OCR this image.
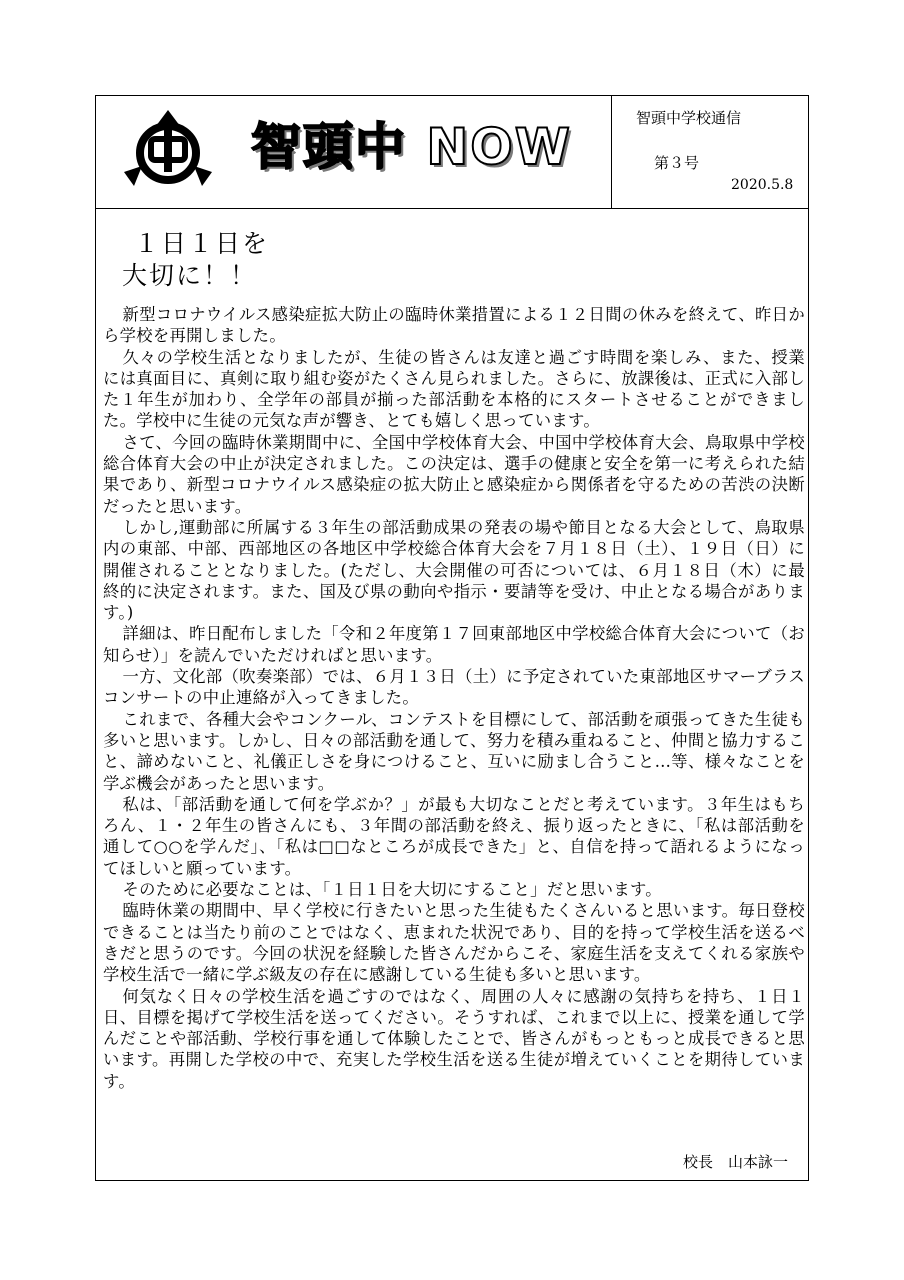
智頭中 NOW	智頭中学校通信
第３号
2020.5.8
１日１日を
大切に！！

新型コロナウイルス感染症拡大防止の臨時休業措置による１２日間の休みを終えて、昨日から学校を再開しました。

久々の学校生活となりましたが、生徒の皆さんは友達と過ごす時間を楽しみ、また、授業には真面目に、真剣に取り組む姿がたくさん見られました。さらに、放課後は、正式に入部した１年生が加わり、全学年の部員が揃った部活動を本格的にスタートさせることができました。学校中に生徒の元気な声が響き、とても嬉しく思っています。

さて、今回の臨時休業期間中に、全国中学校体育大会、中国中学校体育大会、鳥取県中学校総合体育大会の中止が決定されました。この決定は、選手の健康と安全を第一に考えられた結果であり、新型コロナウイルス感染症の拡大防止と感染症から関係者を守るための苦渋の決断だったと思います。

しかし,運動部に所属する３年生の部活動成果の発表の場や節目となる大会として、鳥取県内の東部、中部、西部地区の各地区中学校総合体育大会を７月１８日（土）、１９日（日）に開催されることとなりました。(ただし、大会開催の可否については、６月１８日（木）に最終的に決定されます。また、国及び県の動向や指示・要請等を受け、中止となる場合があります。)

詳細は、昨日配布しました「令和２年度第１７回東部地区中学校総合体育大会について（お知らせ）」を読んでいただければと思います。

一方、文化部（吹奏楽部）では、６月１３日（土）に予定されていた東部地区サマーブラスコンサートの中止連絡が入ってきました。

これまで、各種大会やコンクール、コンテストを目標にして、部活動を頑張ってきた生徒も多いと思います。しかし、日々の部活動を通して、努力を積み重ねること、仲間と協力すること、諦めないこと、礼儀正しさを身につけること、互いに励まし合うこと…等、様々なことを学ぶ機会があったと思います。

私は、「部活動を通して何を学ぶか？」が最も大切なことだと考えています。３年生はもちろん、１・２年生の皆さんにも、３年間の部活動を終え、振り返ったときに、「私は部活動を通して○○を学んだ」、「私は□□なところが成長できた」と、自信を持って語れるようになってほしいと願っています。

そのために必要なことは、「１日１日を大切にすること」だと思います。

臨時休業の期間中、早く学校に行きたいと思った生徒もたくさんいると思います。毎日登校できることは当たり前のことではなく、恵まれた状況であり、目的を持って学校生活を送るべきだと思うのです。今回の状況を経験した皆さんだからこそ、家庭生活を支えてくれる家族や学校生活で一緒に学ぶ級友の存在に感謝している生徒も多いと思います。

何気なく日々の学校生活を過ごすのではなく、周囲の人々に感謝の気持ちを持ち、１日１日、目標を掲げて学校生活を送ってください。そうすれば、これまで以上に、授業を通して学んだことや部活動、学校行事を通して体験したことで、皆さんがもっともっと成長できると思います。再開した学校の中で、充実した学校生活を送る生徒が増えていくことを期待しています。

校長　山本詠一
